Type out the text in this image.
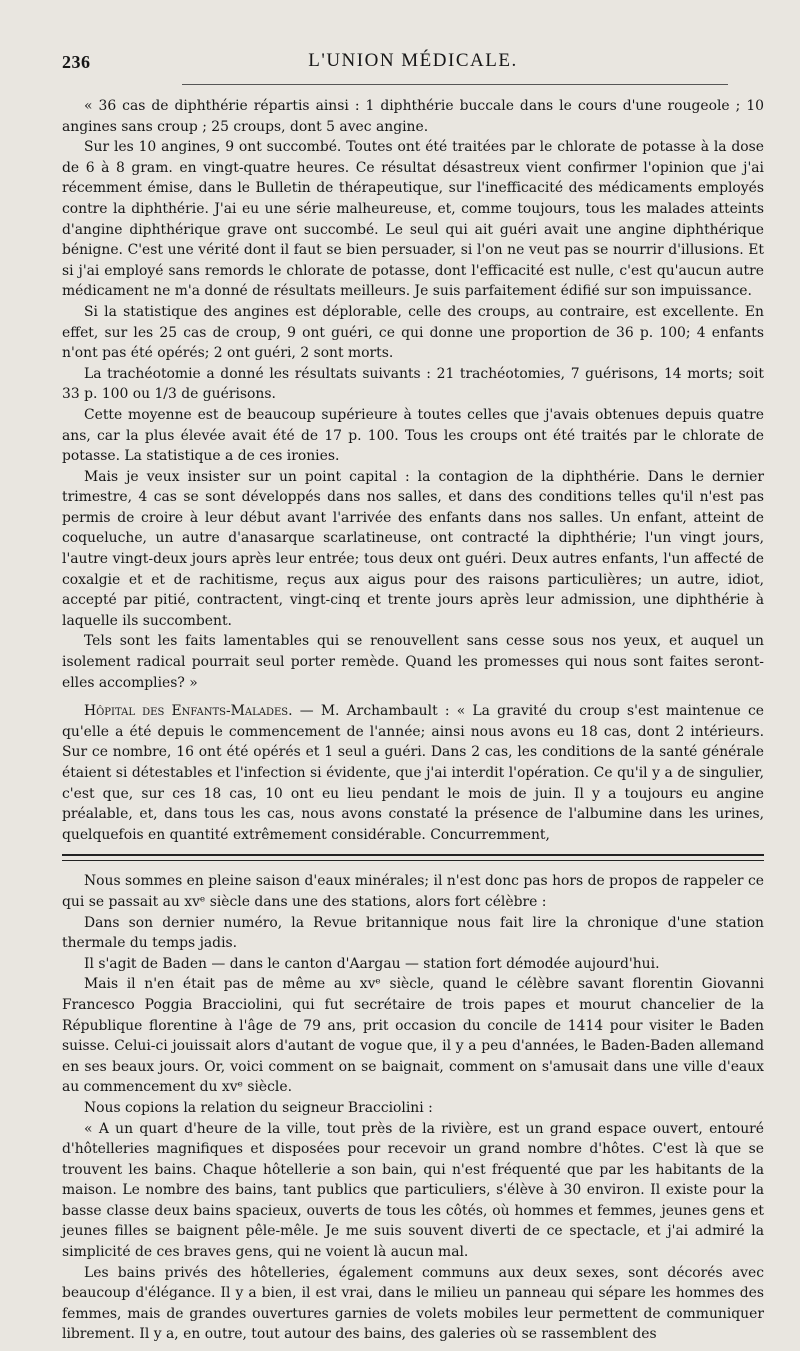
236	L'UNION MÉDICALE.

« 36 cas de diphthérie répartis ainsi : 1 diphthérie buccale dans le cours d'une rougeole ; 10 angines sans croup ; 25 croups, dont 5 avec angine.

Sur les 10 angines, 9 ont succombé. Toutes ont été traitées par le chlorate de potasse à la dose de 6 à 8 gram. en vingt-quatre heures. Ce résultat désastreux vient confirmer l'opinion que j'ai récemment émise, dans le Bulletin de thérapeutique, sur l'inefficacité des médicaments employés contre la diphthérie. J'ai eu une série malheureuse, et, comme toujours, tous les malades atteints d'angine diphthérique grave ont succombé. Le seul qui ait guéri avait une angine diphthérique bénigne. C'est une vérité dont il faut se bien persuader, si l'on ne veut pas se nourrir d'illusions. Et si j'ai employé sans remords le chlorate de potasse, dont l'efficacité est nulle, c'est qu'aucun autre médicament ne m'a donné de résultats meilleurs. Je suis parfaitement édifié sur son impuissance.

Si la statistique des angines est déplorable, celle des croups, au contraire, est excellente. En effet, sur les 25 cas de croup, 9 ont guéri, ce qui donne une proportion de 36 p. 100; 4 enfants n'ont pas été opérés; 2 ont guéri, 2 sont morts.

La trachéotomie a donné les résultats suivants : 21 trachéotomies, 7 guérisons, 14 morts; soit 33 p. 100 ou 1/3 de guérisons.

Cette moyenne est de beaucoup supérieure à toutes celles que j'avais obtenues depuis quatre ans, car la plus élevée avait été de 17 p. 100. Tous les croups ont été traités par le chlorate de potasse. La statistique a de ces ironies.

Mais je veux insister sur un point capital : la contagion de la diphthérie. Dans le dernier trimestre, 4 cas se sont développés dans nos salles, et dans des conditions telles qu'il n'est pas permis de croire à leur début avant l'arrivée des enfants dans nos salles. Un enfant, atteint de coqueluche, un autre d'anasarque scarlatineuse, ont contracté la diphthérie; l'un vingt jours, l'autre vingt-deux jours après leur entrée; tous deux ont guéri. Deux autres enfants, l'un affecté de coxalgie et et de rachitisme, reçus aux aigus pour des raisons particulières; un autre, idiot, accepté par pitié, contractent, vingt-cinq et trente jours après leur admission, une diphthérie à laquelle ils succombent.

Tels sont les faits lamentables qui se renouvellent sans cesse sous nos yeux, et auquel un isolement radical pourrait seul porter remède. Quand les promesses qui nous sont faites seront-elles accomplies? »

Hôpital des Enfants-Malades. — M. Archambault : « La gravité du croup s'est maintenue ce qu'elle a été depuis le commencement de l'année; ainsi nous avons eu 18 cas, dont 2 intérieurs. Sur ce nombre, 16 ont été opérés et 1 seul a guéri. Dans 2 cas, les conditions de la santé générale étaient si détestables et l'infection si évidente, que j'ai interdit l'opération. Ce qu'il y a de singulier, c'est que, sur ces 18 cas, 10 ont eu lieu pendant le mois de juin. Il y a toujours eu angine préalable, et, dans tous les cas, nous avons constaté la présence de l'albumine dans les urines, quelquefois en quantité extrêmement considérable. Concurremment,

Nous sommes en pleine saison d'eaux minérales; il n'est donc pas hors de propos de rappeler ce qui se passait au xvᵉ siècle dans une des stations, alors fort célèbre :

Dans son dernier numéro, la Revue britannique nous fait lire la chronique d'une station thermale du temps jadis.

Il s'agit de Baden — dans le canton d'Aargau — station fort démodée aujourd'hui.

Mais il n'en était pas de même au xvᵉ siècle, quand le célèbre savant florentin Giovanni Francesco Poggia Bracciolini, qui fut secrétaire de trois papes et mourut chancelier de la République florentine à l'âge de 79 ans, prit occasion du concile de 1414 pour visiter le Baden suisse. Celui-ci jouissait alors d'autant de vogue que, il y a peu d'années, le Baden-Baden allemand en ses beaux jours. Or, voici comment on se baignait, comment on s'amusait dans une ville d'eaux au commencement du xvᵉ siècle.

Nous copions la relation du seigneur Bracciolini :

« A un quart d'heure de la ville, tout près de la rivière, est un grand espace ouvert, entouré d'hôtelleries magnifiques et disposées pour recevoir un grand nombre d'hôtes. C'est là que se trouvent les bains. Chaque hôtellerie a son bain, qui n'est fréquenté que par les habitants de la maison. Le nombre des bains, tant publics que particuliers, s'élève à 30 environ. Il existe pour la basse classe deux bains spacieux, ouverts de tous les côtés, où hommes et femmes, jeunes gens et jeunes filles se baignent pêle-mêle. Je me suis souvent diverti de ce spectacle, et j'ai admiré la simplicité de ces braves gens, qui ne voient là aucun mal.

Les bains privés des hôtelleries, également communs aux deux sexes, sont décorés avec beaucoup d'élégance. Il y a bien, il est vrai, dans le milieu un panneau qui sépare les hommes des femmes, mais de grandes ouvertures garnies de volets mobiles leur permettent de communiquer librement. Il y a, en outre, tout autour des bains, des galeries où se rassemblent des
